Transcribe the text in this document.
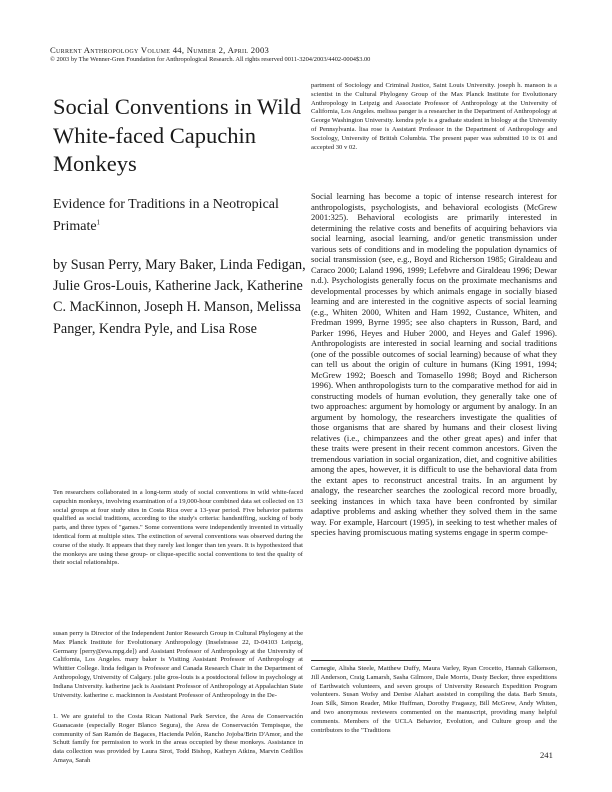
Current Anthropology Volume 44, Number 2, April 2003
© 2003 by The Wenner-Gren Foundation for Anthropological Research. All rights reserved 0011-3204/2003/4402-0004$3.00
Social Conventions in Wild White-faced Capuchin Monkeys
Evidence for Traditions in a Neotropical Primate$^1$
by Susan Perry, Mary Baker, Linda Fedigan, Julie Gros-Louis, Katherine Jack, Katherine C. MacKinnon, Joseph H. Manson, Melissa Panger, Kendra Pyle, and Lisa Rose

Ten researchers collaborated in a long-term study of social conventions in wild white-faced capuchin monkeys, involving examination of a 19,000-hour combined data set collected on 13 social groups at four study sites in Costa Rica over a 13-year period. Five behavior patterns qualified as social traditions, according to the study's criteria: handsniffing, sucking of body parts, and three types of "games." Some conventions were independently invented in virtually identical form at multiple sites. The extinction of several conventions was observed during the course of the study. It appears that they rarely last longer than ten years. It is hypothesized that the monkeys are using these group- or clique-specific social conventions to test the quality of their social relationships.

susan perry is Director of the Independent Junior Research Group in Cultural Phylogeny at the Max Planck Institute for Evolutionary Anthropology (Inselstrasse 22, D-04103 Leipzig, Germany [perry@eva.mpg.de]) and Assistant Professor of Anthropology at the University of California, Los Angeles. mary baker is Visiting Assistant Professor of Anthropology at Whittier College. linda fedigan is Professor and Canada Research Chair in the Department of Anthropology, University of Calgary. julie gros-louis is a postdoctoral fellow in psychology at Indiana University. katherine jack is Assistant Professor of Anthropology at Appalachian State University. katherine c. mackinnon is Assistant Professor of Anthropology in the De-

1. We are grateful to the Costa Rican National Park Service, the Area de Conservación Guanacaste (especially Roger Blanco Segura), the Area de Conservación Tempisque, the community of San Ramón de Bagaces, Hacienda Pelón, Rancho Jojoba/Brin D'Amor, and the Schutt family for permission to work in the areas occupied by these monkeys. Assistance in data collection was provided by Laura Sirot, Todd Bishop, Kathryn Atkins, Marvin Cedillos Amaya, Sarah

partment of Sociology and Criminal Justice, Saint Louis University. joseph h. manson is a scientist in the Cultural Phylogeny Group of the Max Planck Institute for Evolutionary Anthropology in Leipzig and Associate Professor of Anthropology at the University of California, Los Angeles. melissa panger is a researcher in the Department of Anthropology at George Washington University. kendra pyle is a graduate student in biology at the University of Pennsylvania. lisa rose is Assistant Professor in the Department of Anthropology and Sociology, University of British Columbia. The present paper was submitted 10 ix 01 and accepted 30 v 02.

Social learning has become a topic of intense research interest for anthropologists, psychologists, and behavioral ecologists (McGrew 2001:325). Behavioral ecologists are primarily interested in determining the relative costs and benefits of acquiring behaviors via social learning, asocial learning, and/or genetic transmission under various sets of conditions and in modeling the population dynamics of social transmission (see, e.g., Boyd and Richerson 1985; Giraldeau and Caraco 2000; Laland 1996, 1999; Lefebvre and Giraldeau 1996; Dewar n.d.). Psychologists generally focus on the proximate mechanisms and developmental processes by which animals engage in socially biased learning and are interested in the cognitive aspects of social learning (e.g., Whiten 2000, Whiten and Ham 1992, Custance, Whiten, and Fredman 1999, Byrne 1995; see also chapters in Russon, Bard, and Parker 1996, Heyes and Huber 2000, and Heyes and Galef 1996). Anthropologists are interested in social learning and social traditions (one of the possible outcomes of social learning) because of what they can tell us about the origin of culture in humans (King 1991, 1994; McGrew 1992; Boesch and Tomasello 1998; Boyd and Richerson 1996). When anthropologists turn to the comparative method for aid in constructing models of human evolution, they generally take one of two approaches: argument by homology or argument by analogy. In an argument by homology, the researchers investigate the qualities of those organisms that are shared by humans and their closest living relatives (i.e., chimpanzees and the other great apes) and infer that these traits were present in their recent common ancestors. Given the tremendous variation in social organization, diet, and cognitive abilities among the apes, however, it is difficult to use the behavioral data from the extant apes to reconstruct ancestral traits. In an argument by analogy, the researcher searches the zoological record more broadly, seeking instances in which taxa have been confronted by similar adaptive problems and asking whether they solved them in the same way. For example, Harcourt (1995), in seeking to test whether males of species having promiscuous mating systems engage in sperm compe-

Carnegie, Alisha Steele, Matthew Duffy, Maura Varley, Ryan Crocetto, Hannah Gilkenson, Jill Anderson, Craig Lamarsh, Sasha Gilmore, Dale Morris, Dusty Becker, three expeditions of Earthwatch volunteers, and seven groups of University Research Expedition Program volunteers. Susan Wofsy and Denise Alahart assisted in compiling the data. Barb Smuts, Joan Silk, Simon Reader, Mike Huffman, Dorothy Fragaszy, Bill McGrew, Andy Whiten, and two anonymous reviewers commented on the manuscript, providing many helpful comments. Members of the UCLA Behavior, Evolution, and Culture group and the contributors to the "Traditions

241
